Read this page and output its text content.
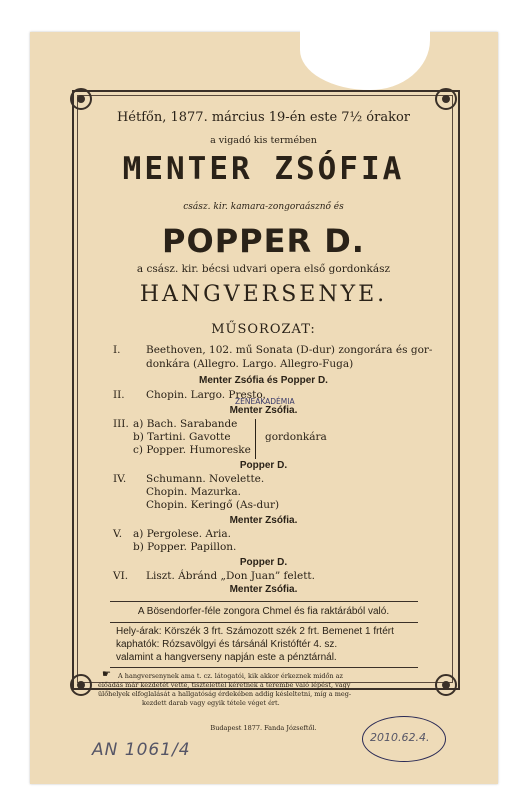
Hétfőn, 1877. március 19-én este 7½ órakor
a vigadó kis termében
MENTER ZSÓFIA
csász. kir. kamara-zongoraásznő és
POPPER D.
a csász. kir. bécsi udvari opera első gordonkász
HANGVERSENYE.
MŰSOROZAT:
I. Beethoven, 102. mű Sonata (D-dur) zongorára és gor-
donkára (Allegro. Largo. Allegro-Fuga)
Menter Zsófia és Popper D.
II. Chopin. Largo. Presto.
Menter Zsófia.
ZENEAKADÉMIA
III. a) Bach. Sarabande
b) Tartini. Gavotte
c) Popper. Humoreske
gordonkára
Popper D.
IV. Schumann. Novelette.
Chopin. Mazurka.
Chopin. Keringő (As-dur)
Menter Zsófia.
V. a) Pergolese. Aria.
b) Popper. Papillon.
Popper D.
VI. Liszt. Ábránd „Don Juan” felett.
Menter Zsófia.
A Bösendorfer-féle zongora Chmel és fia raktárából való.
Hely-árak: Körszék 3 frt. Számozott szék 2 frt. Bemenet 1 frtért
kaphatók: Rózsavölgyi és társánál Kristóftér 4. sz.
valamint a hangverseny napján este a pénztárnál.
☛ A hangversenynek ama t. cz. látogatói, kik akkor érkeznek midőn az
előadás már kezdetét vette, tisztelettel kéretnek a terembe való lépést, vagy
ülőhelyek elfoglalását a hallgatóság érdekében addig késleltetni, míg a meg-
kezdett darab vagy egyik tétele véget ért.
Budapest 1877. Fanda Józseftől.
AN 1061/4
2010.62.4.
